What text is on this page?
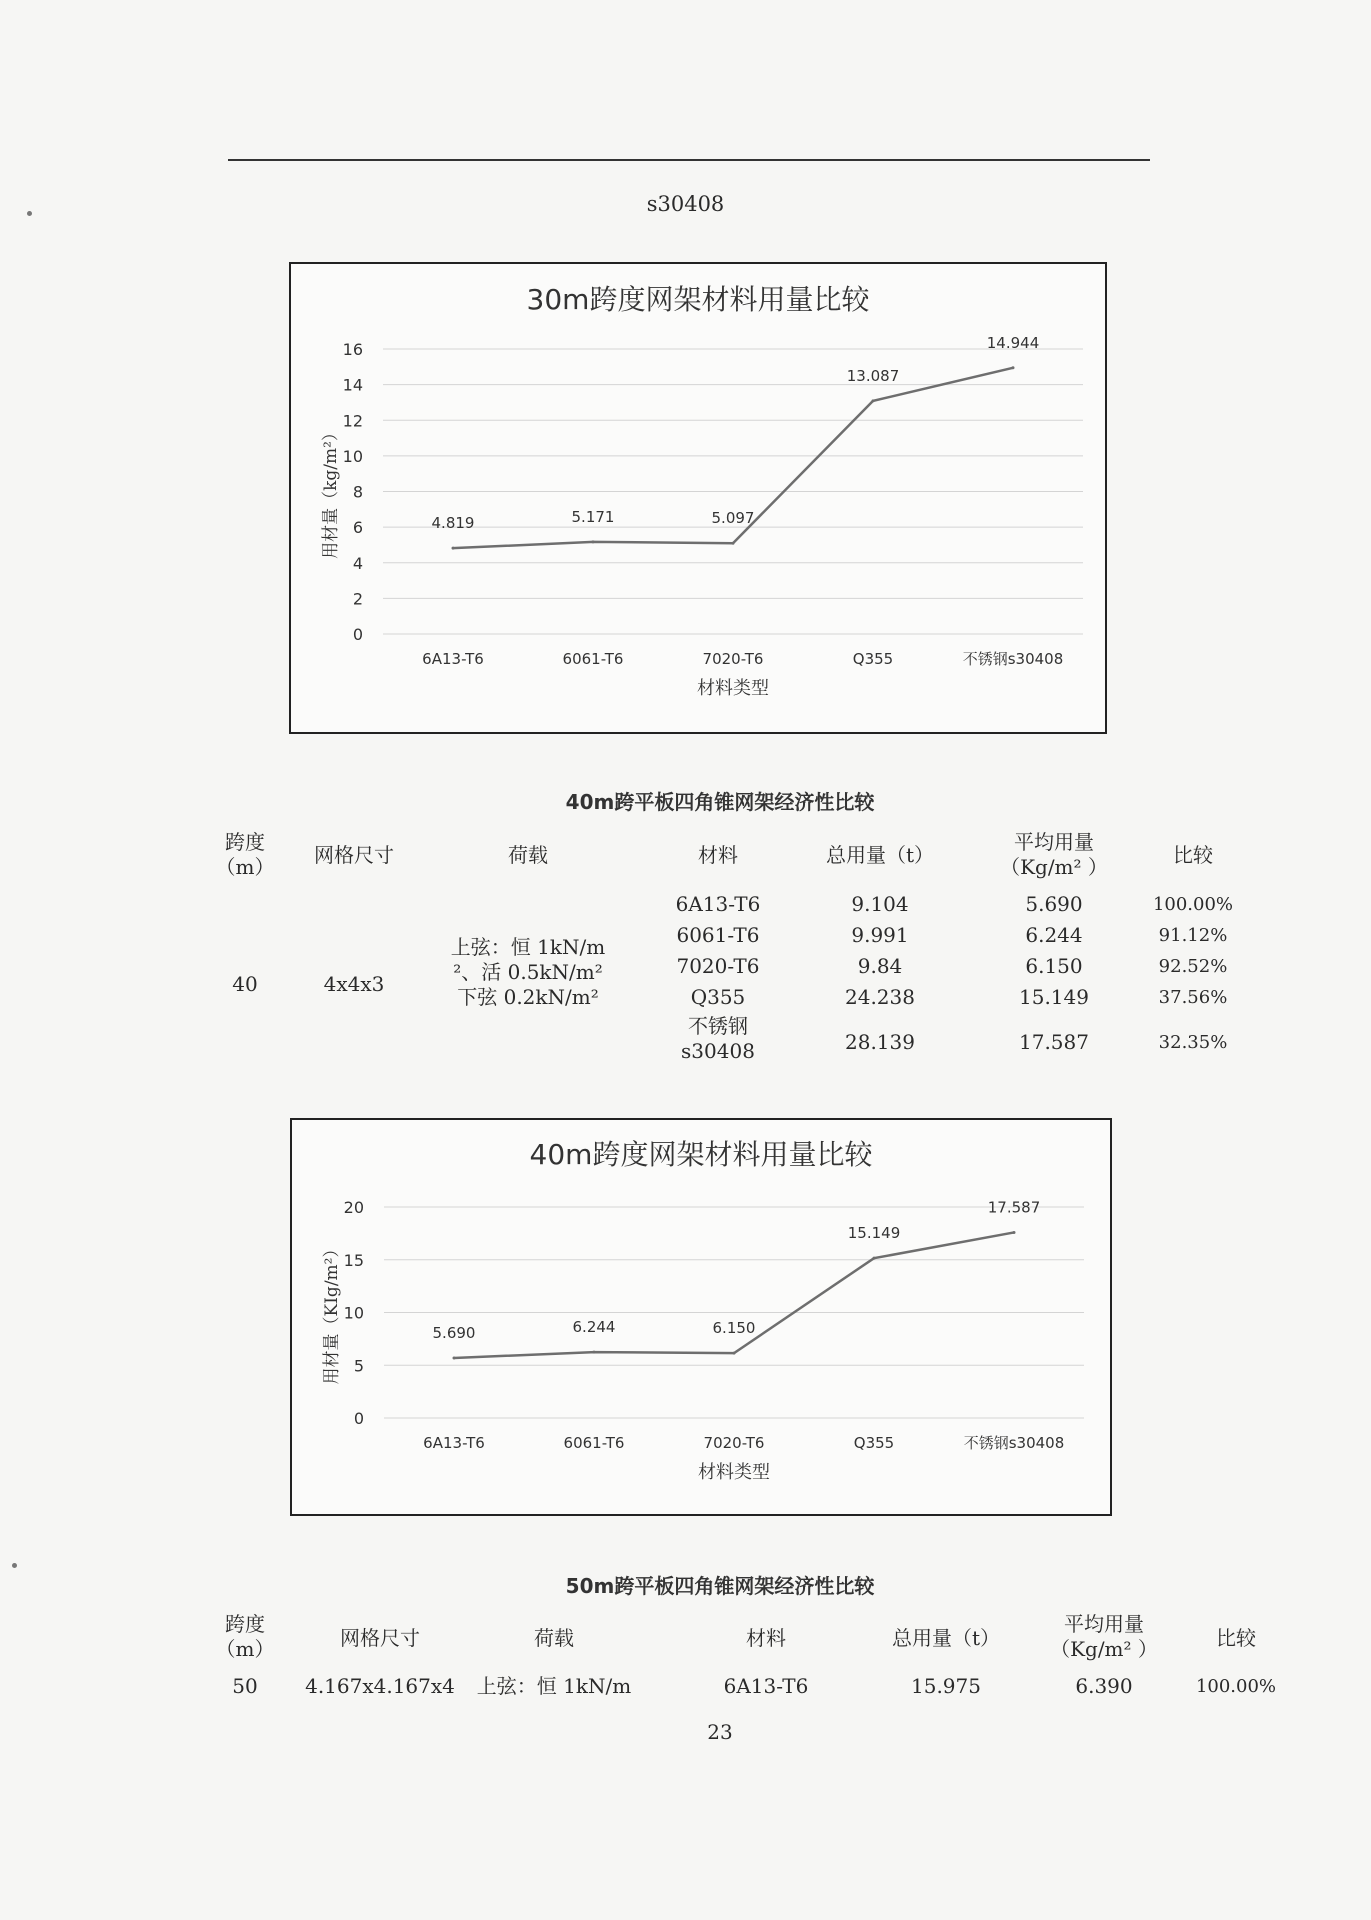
s30408
30m跨度网架材料用量比较
0
2
4
6
8
10
12
14
16
6A13-T6	6061-T6	7020-T6	Q355	不锈钢s30408
材料类型
用材量（kg/m²）	4.819	5.171	5.097
13.087
14.944
40m跨平板四角锥网架经济性比较
跨度
（m）	网格尺寸	荷载	材料	总用量（t）
平均用量
（Kg/m² ）	比较
40	4x4x3
上弦：恒 1kN/m
²、活 0.5kN/m²
下弦 0.2kN/m²
6A13-T6	9.104	5.690	100.00%
6061-T6	9.991	6.244	91.12%
7020-T6	9.84	6.150	92.52%
Q355	24.238	15.149	37.56%
不锈钢
s30408	28.139	17.587	32.35%
40m跨度网架材料用量比较
0
5
10
15
20
6A13-T6	6061-T6	7020-T6	Q355	不锈钢s30408
材料类型
用材量（KIg/m²）	5.690	6.244	6.150
15.149
17.587
50m跨平板四角锥网架经济性比较
跨度
（m）	网格尺寸	荷载	材料	总用量（t）
平均用量
（Kg/m² ）	比较
50	4.167x4.167x4	上弦：恒 1kN/m	6A13-T6	15.975	6.390	100.00%
23
